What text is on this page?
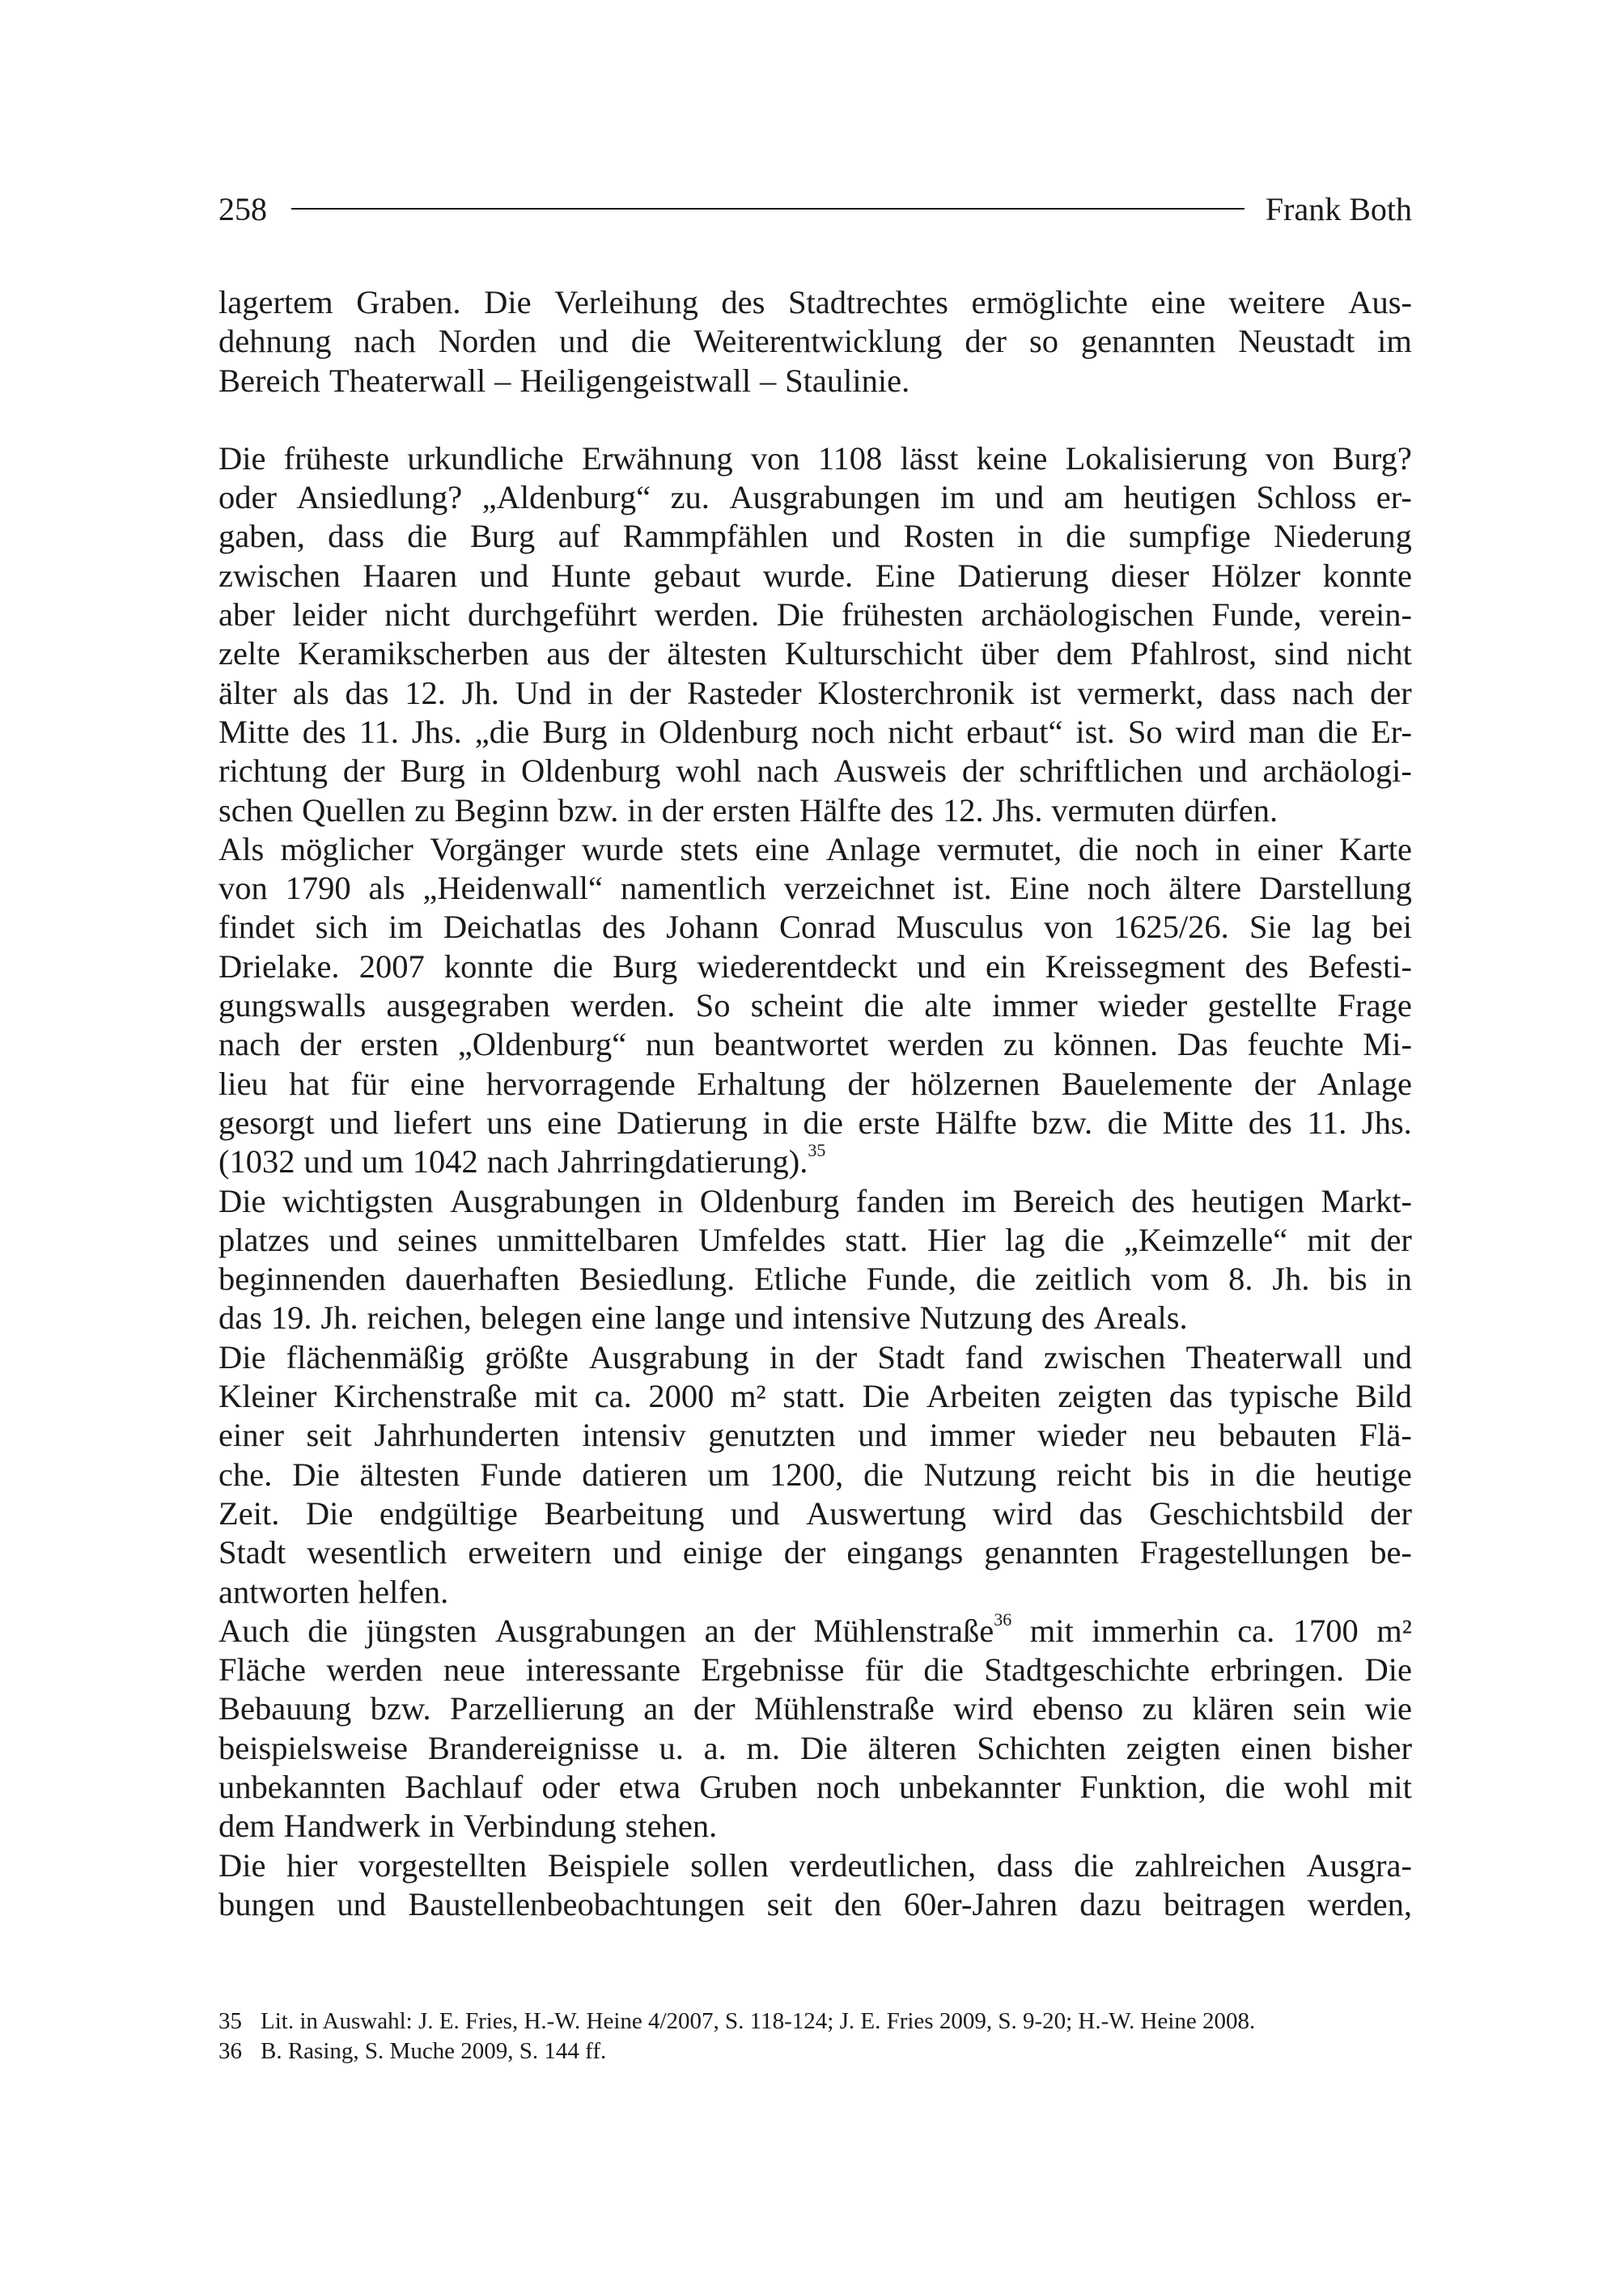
258	Frank Both
lagertem Graben. Die Verleihung des Stadtrechtes ermöglichte eine weitere Aus-
dehnung nach Norden und die Weiterentwicklung der so genannten Neustadt im
Bereich Theaterwall – Heiligengeistwall – Staulinie.
Die früheste urkundliche Erwähnung von 1108 lässt keine Lokalisierung von Burg?
oder Ansiedlung? „Aldenburg“ zu. Ausgrabungen im und am heutigen Schloss er-
gaben, dass die Burg auf Rammpfählen und Rosten in die sumpfige Niederung
zwischen Haaren und Hunte gebaut wurde. Eine Datierung dieser Hölzer konnte
aber leider nicht durchgeführt werden. Die frühesten archäologischen Funde, verein-
zelte Keramikscherben aus der ältesten Kulturschicht über dem Pfahlrost, sind nicht
älter als das 12. Jh. Und in der Rasteder Klosterchronik ist vermerkt, dass nach der
Mitte des 11. Jhs. „die Burg in Oldenburg noch nicht erbaut“ ist. So wird man die Er-
richtung der Burg in Oldenburg wohl nach Ausweis der schriftlichen und archäologi-
schen Quellen zu Beginn bzw. in der ersten Hälfte des 12. Jhs. vermuten dürfen.
Als möglicher Vorgänger wurde stets eine Anlage vermutet, die noch in einer Karte
von 1790 als „Heidenwall“ namentlich verzeichnet ist. Eine noch ältere Darstellung
findet sich im Deichatlas des Johann Conrad Musculus von 1625/26. Sie lag bei
Drielake. 2007 konnte die Burg wiederentdeckt und ein Kreissegment des Befesti-
gungswalls ausgegraben werden. So scheint die alte immer wieder gestellte Frage
nach der ersten „Oldenburg“ nun beantwortet werden zu können. Das feuchte Mi-
lieu hat für eine hervorragende Erhaltung der hölzernen Bauelemente der Anlage
gesorgt und liefert uns eine Datierung in die erste Hälfte bzw. die Mitte des 11. Jhs.
(1032 und um 1042 nach Jahrringdatierung).$^{35}$
Die wichtigsten Ausgrabungen in Oldenburg fanden im Bereich des heutigen Markt-
platzes und seines unmittelbaren Umfeldes statt. Hier lag die „Keimzelle“ mit der
beginnenden dauerhaften Besiedlung. Etliche Funde, die zeitlich vom 8. Jh. bis in
das 19. Jh. reichen, belegen eine lange und intensive Nutzung des Areals.
Die flächenmäßig größte Ausgrabung in der Stadt fand zwischen Theaterwall und
Kleiner Kirchenstraße mit ca. 2000 m² statt. Die Arbeiten zeigten das typische Bild
einer seit Jahrhunderten intensiv genutzten und immer wieder neu bebauten Flä-
che. Die ältesten Funde datieren um 1200, die Nutzung reicht bis in die heutige
Zeit. Die endgültige Bearbeitung und Auswertung wird das Geschichtsbild der
Stadt wesentlich erweitern und einige der eingangs genannten Fragestellungen be-
antworten helfen.
Auch die jüngsten Ausgrabungen an der Mühlenstraße$^{36}$ mit immerhin ca. 1700 m²
Fläche werden neue interessante Ergebnisse für die Stadtgeschichte erbringen. Die
Bebauung bzw. Parzellierung an der Mühlenstraße wird ebenso zu klären sein wie
beispielsweise Brandereignisse u. a. m. Die älteren Schichten zeigten einen bisher
unbekannten Bachlauf oder etwa Gruben noch unbekannter Funktion, die wohl mit
dem Handwerk in Verbindung stehen.
Die hier vorgestellten Beispiele sollen verdeutlichen, dass die zahlreichen Ausgra-
bungen und Baustellenbeobachtungen seit den 60er-Jahren dazu beitragen werden,
35 Lit. in Auswahl: J. E. Fries, H.-W. Heine 4/2007, S. 118-124; J. E. Fries 2009, S. 9-20; H.-W. Heine 2008.
36 B. Rasing, S. Muche 2009, S. 144 ff.
